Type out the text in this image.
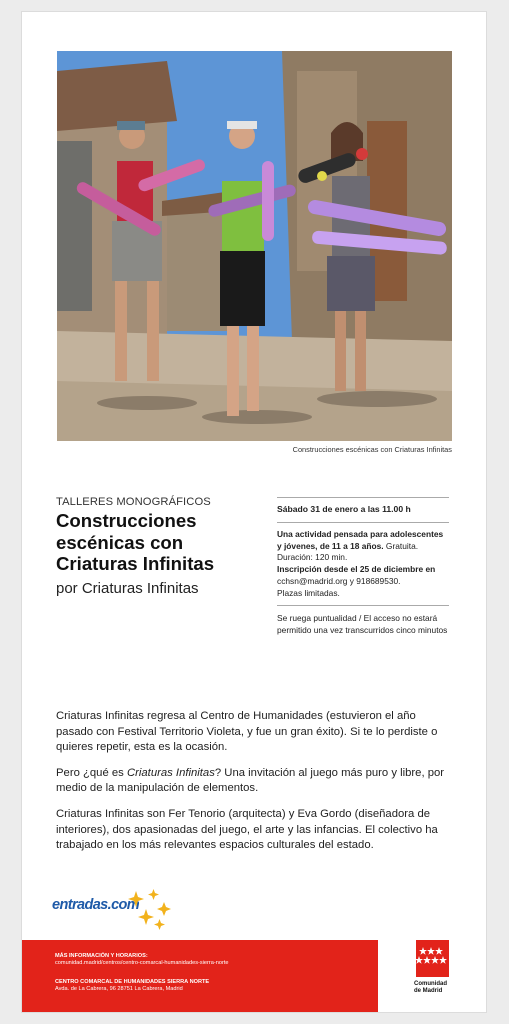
Construcciones escénicas con Criaturas Infinitas
TALLERES MONOGRÁFICOS
Construcciones escénicas con Criaturas Infinitas
por Criaturas Infinitas
Sábado 31 de enero a las 11.00 h
Una actividad pensada para adolescentes y jóvenes, de 11 a 18 años. Gratuita. Duración: 120 min.
Inscripción desde el 25 de diciembre en cchsn@madrid.org y 918689530.
Plazas limitadas.
Se ruega puntualidad / El acceso no estará permitido una vez transcurridos cinco minutos

Criaturas Infinitas regresa al Centro de Humanidades (estuvieron el año pasado con Festival Territorio Violeta, y fue un gran éxito). Si te lo perdiste o quieres repetir, esta es la ocasión.

Pero ¿qué es Criaturas Infinitas? Una invitación al juego más puro y libre, por medio de la manipulación de elementos.

Criaturas Infinitas son Fer Tenorio (arquitecta) y Eva Gordo (diseñadora de interiores), dos apasionadas del juego, el arte y las infancias. El colectivo ha trabajado en los más relevantes espacios culturales del estado.

entradas.com
MÁS INFORMACIÓN Y HORARIOS:
comunidad.madrid/centros/centro-comarcal-humanidades-sierra-norte
CENTRO COMARCAL DE HUMANIDADES SIERRA NORTE
Avda. de La Cabrera, 96 28751 La Cabrera, Madrid
Comunidad
de Madrid
